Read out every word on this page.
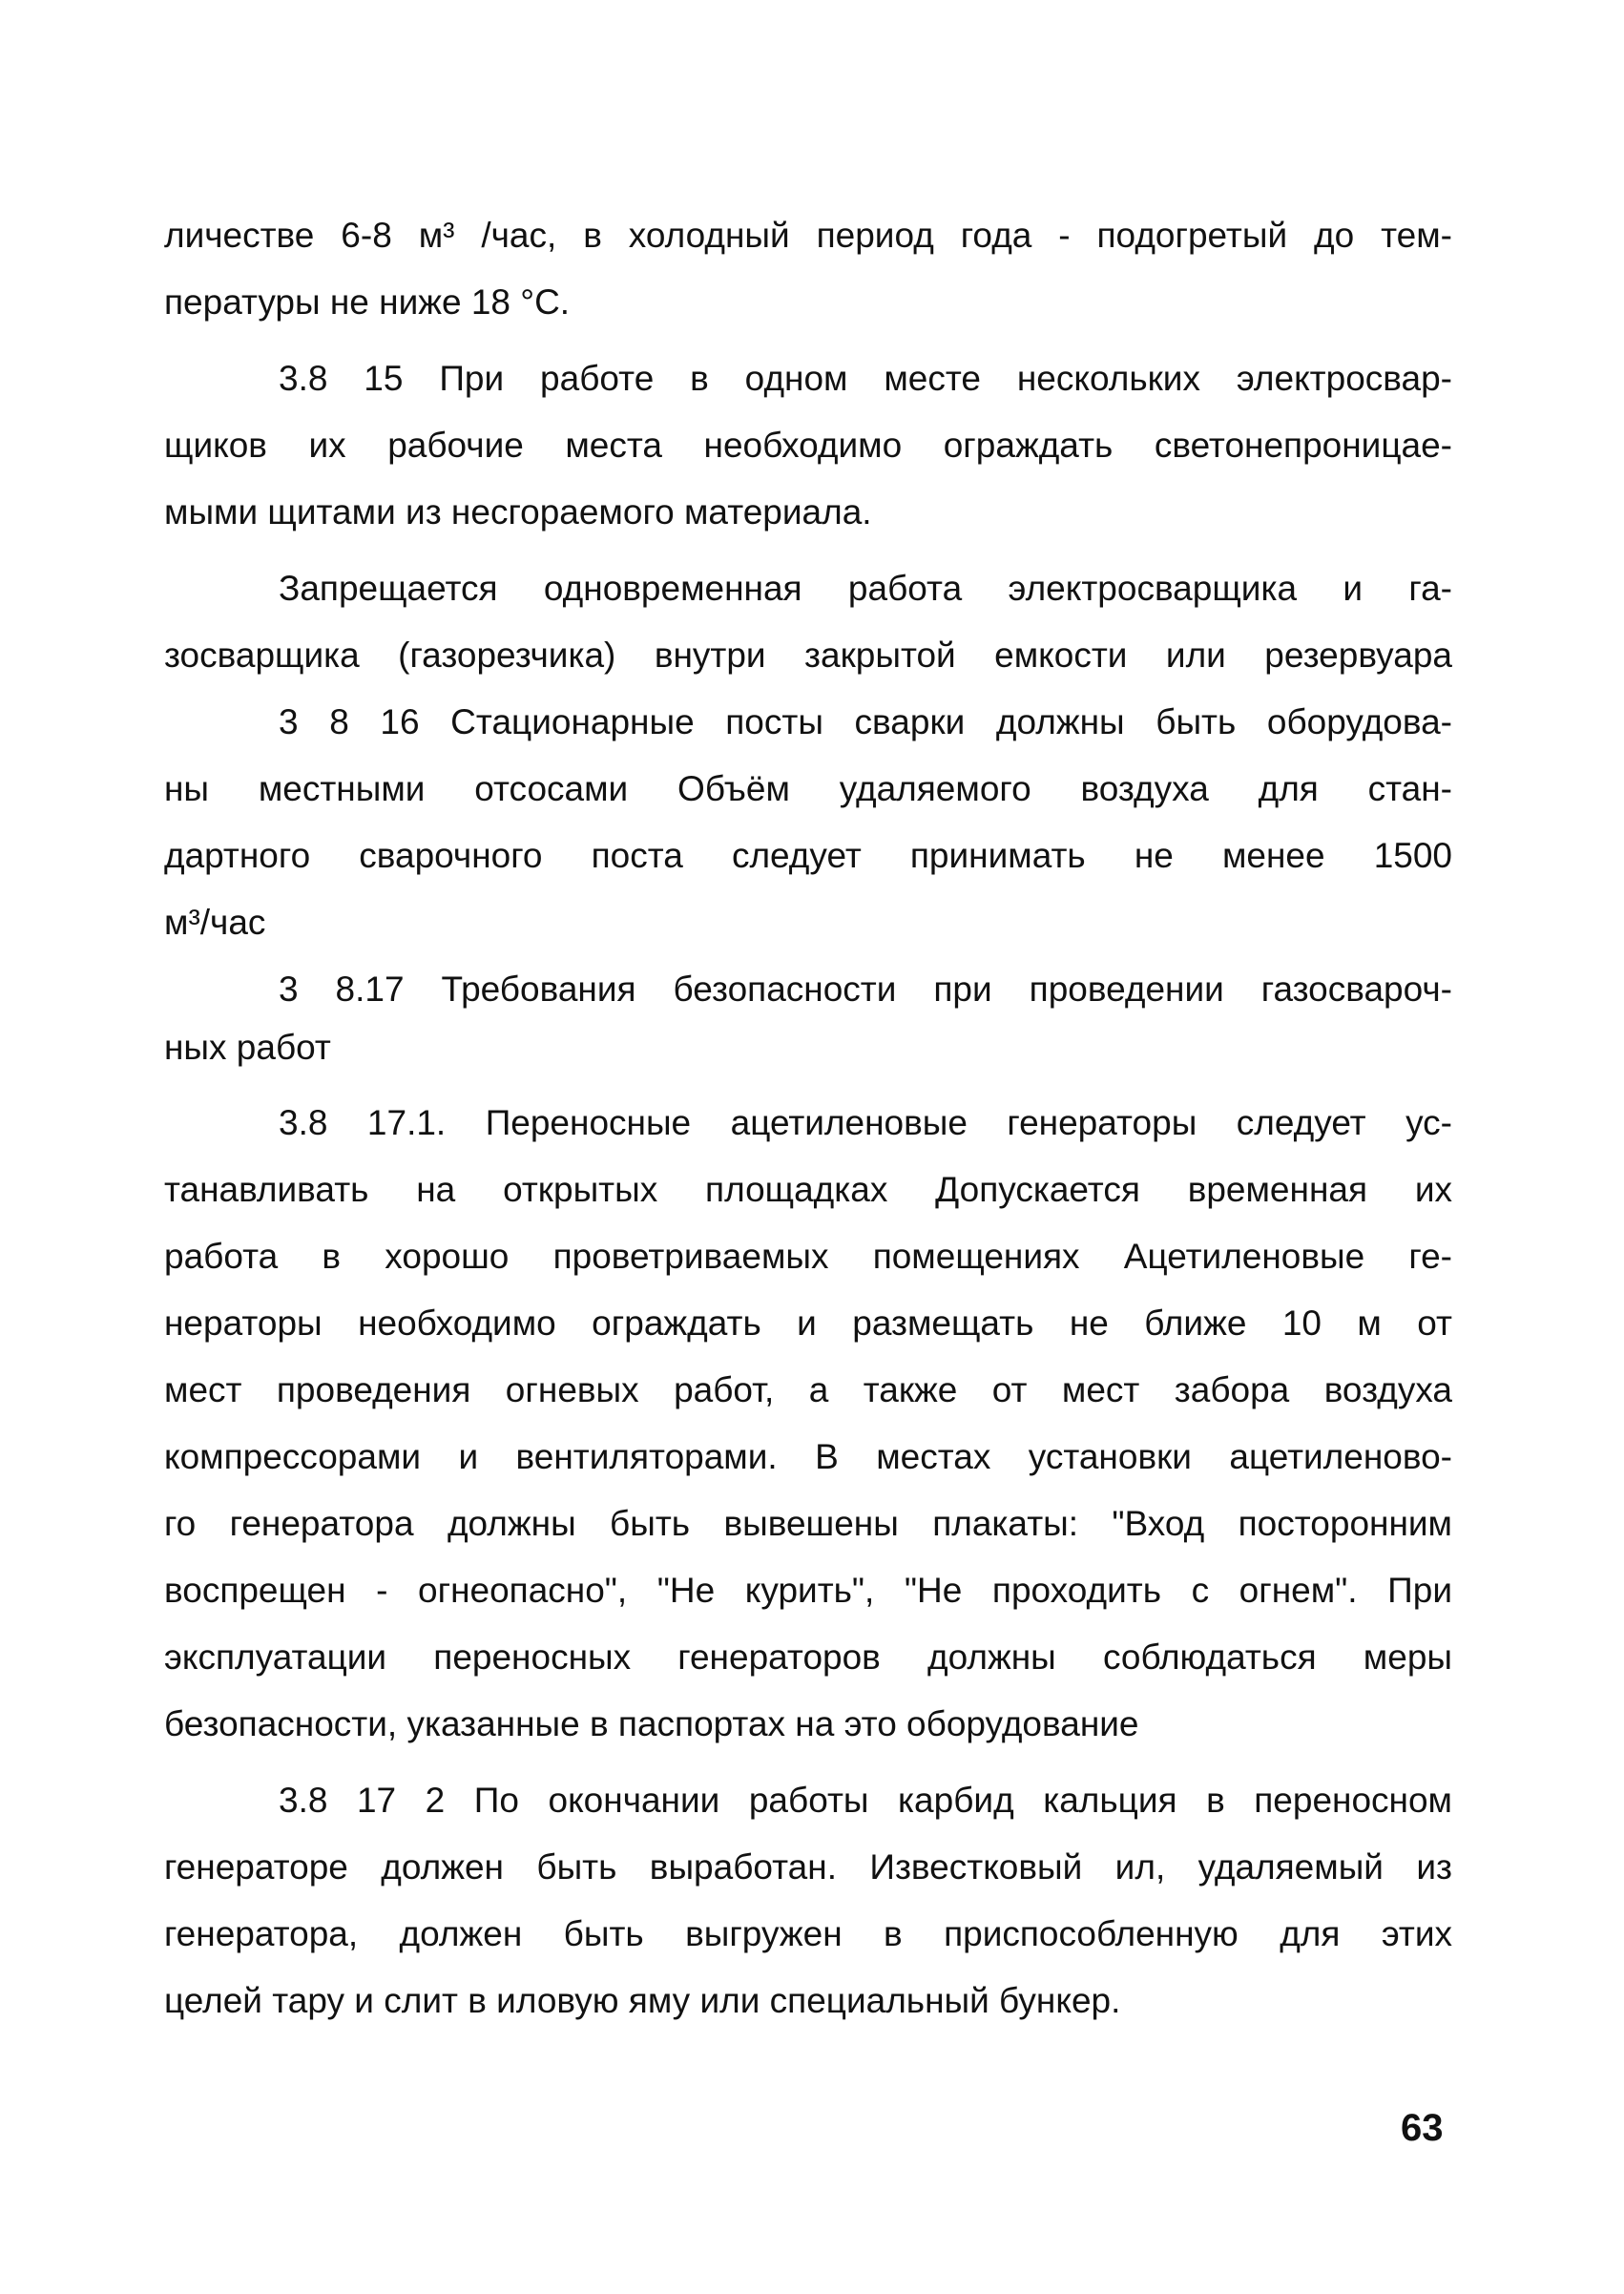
личестве 6-8 м³ /час, в холодный период года - подогретый до тем-
пературы не ниже 18 °С.
3.8 15 При работе в одном месте нескольких электросвар-
щиков их рабочие места необходимо ограждать светонепроницае-
мыми щитами из несгораемого материала.
Запрещается одновременная работа электросварщика и га-
зосварщика (газорезчика) внутри закрытой емкости или резервуара
3 8 16 Стационарные посты сварки должны быть оборудова-
ны местными отсосами Объём удаляемого воздуха для стан-
дартного сварочного поста следует принимать не менее 1500
м³/час
3 8.17 Требования безопасности при проведении газосвароч-
ных работ
3.8 17.1. Переносные ацетиленовые генераторы следует ус-
танавливать на открытых площадках Допускается временная их
работа в хорошо проветриваемых помещениях Ацетиленовые ге-
нераторы необходимо ограждать и размещать не ближе 10 м от
мест проведения огневых работ, а также от мест забора воздуха
компрессорами и вентиляторами. В местах установки ацетиленово-
го генератора должны быть вывешены плакаты: "Вход посторонним
воспрещен - огнеопасно", "Не курить", "Не проходить с огнем". При
эксплуатации переносных генераторов должны соблюдаться меры
безопасности, указанные в паспортах на это оборудование
3.8 17 2 По окончании работы карбид кальция в переносном
генераторе должен быть выработан. Известковый ил, удаляемый из
генератора, должен быть выгружен в приспособленную для этих
целей тару и слит в иловую яму или специальный бункер.
63
